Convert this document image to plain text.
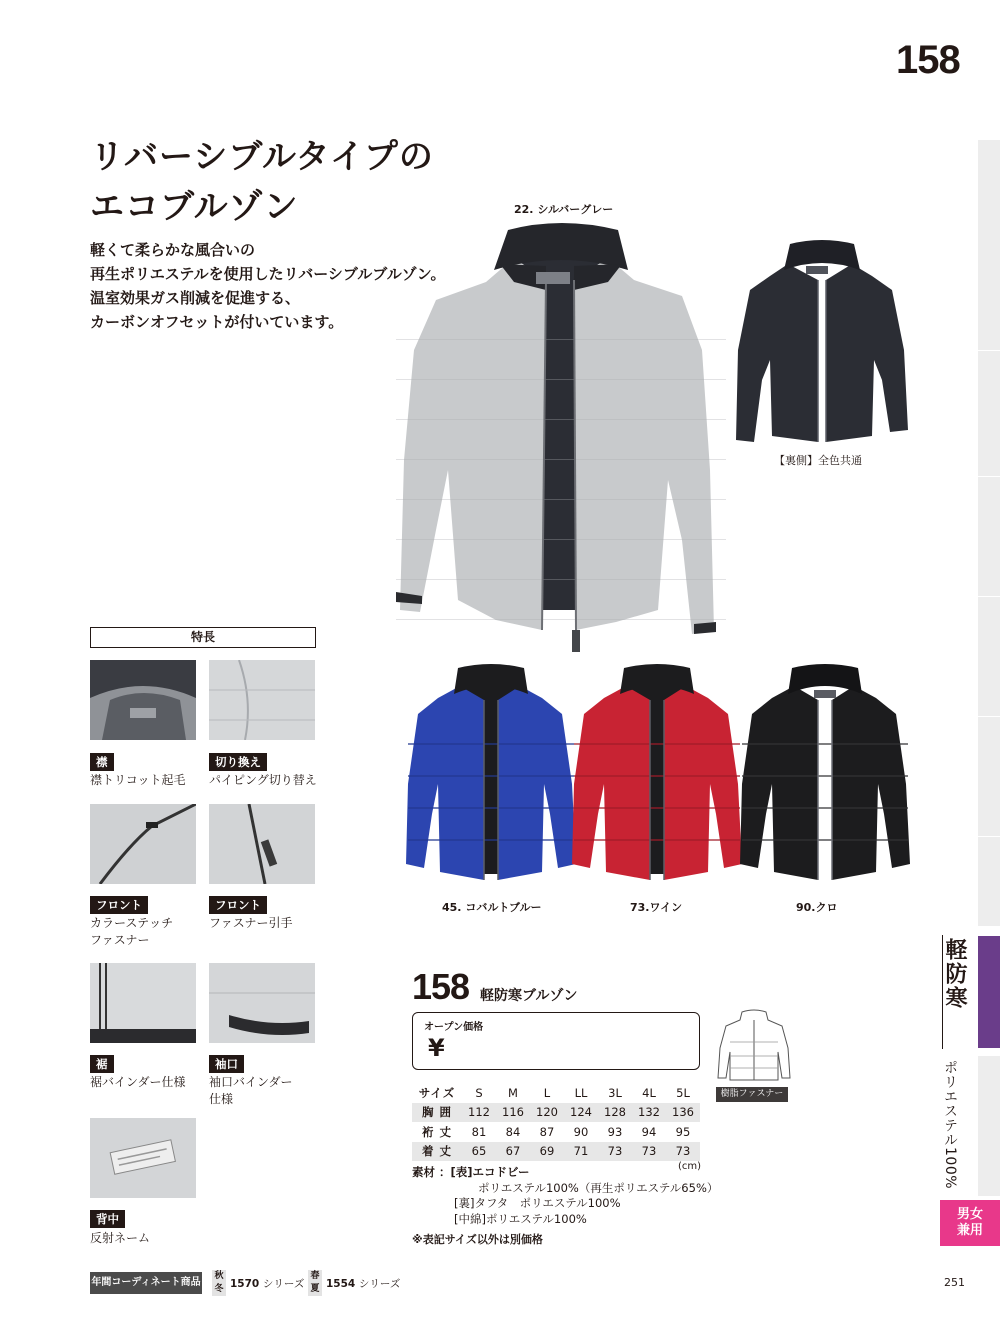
158
軽防寒
ポリエステル100%
男女
兼用
リバーシブルタイプの
エコブルゾン
軽くて柔らかな風合いの
再生ポリエステルを使用したリバーシブルブルゾン。
温室効果ガス削減を促進する、
カーボンオフセットが付いています。
22. シルバーグレー
【裏側】全色共通
45. コバルトブルー	73.ワイン	90.クロ
特長
襟
襟トリコット起毛
切り換え
パイピング切り替え
フロント
カラーステッチ
ファスナー
フロント
ファスナー引手
裾
裾バインダー仕様
袖口
袖口バインダー
仕様
背中
反射ネーム
158 軽防寒ブルゾン
オープン価格
¥
樹脂ファスナー
サイズ	S	M	L	LL	3L	4L	5L
胸 囲	112	116	120	124	128	132	136
裄 丈	81	84	87	90	93	94	95
着 丈	65	67	69	71	73	73	73
(cm)
素材 ：[表]エコドビー
ポリエステル100%（再生ポリエステル65%）
[裏]タフタ　ポリエステル100%
[中綿]ポリエステル100%
※表記サイズ以外は別価格
年間コーディネート商品
秋
冬 1570 シリーズ
春
夏 1554 シリーズ	251
